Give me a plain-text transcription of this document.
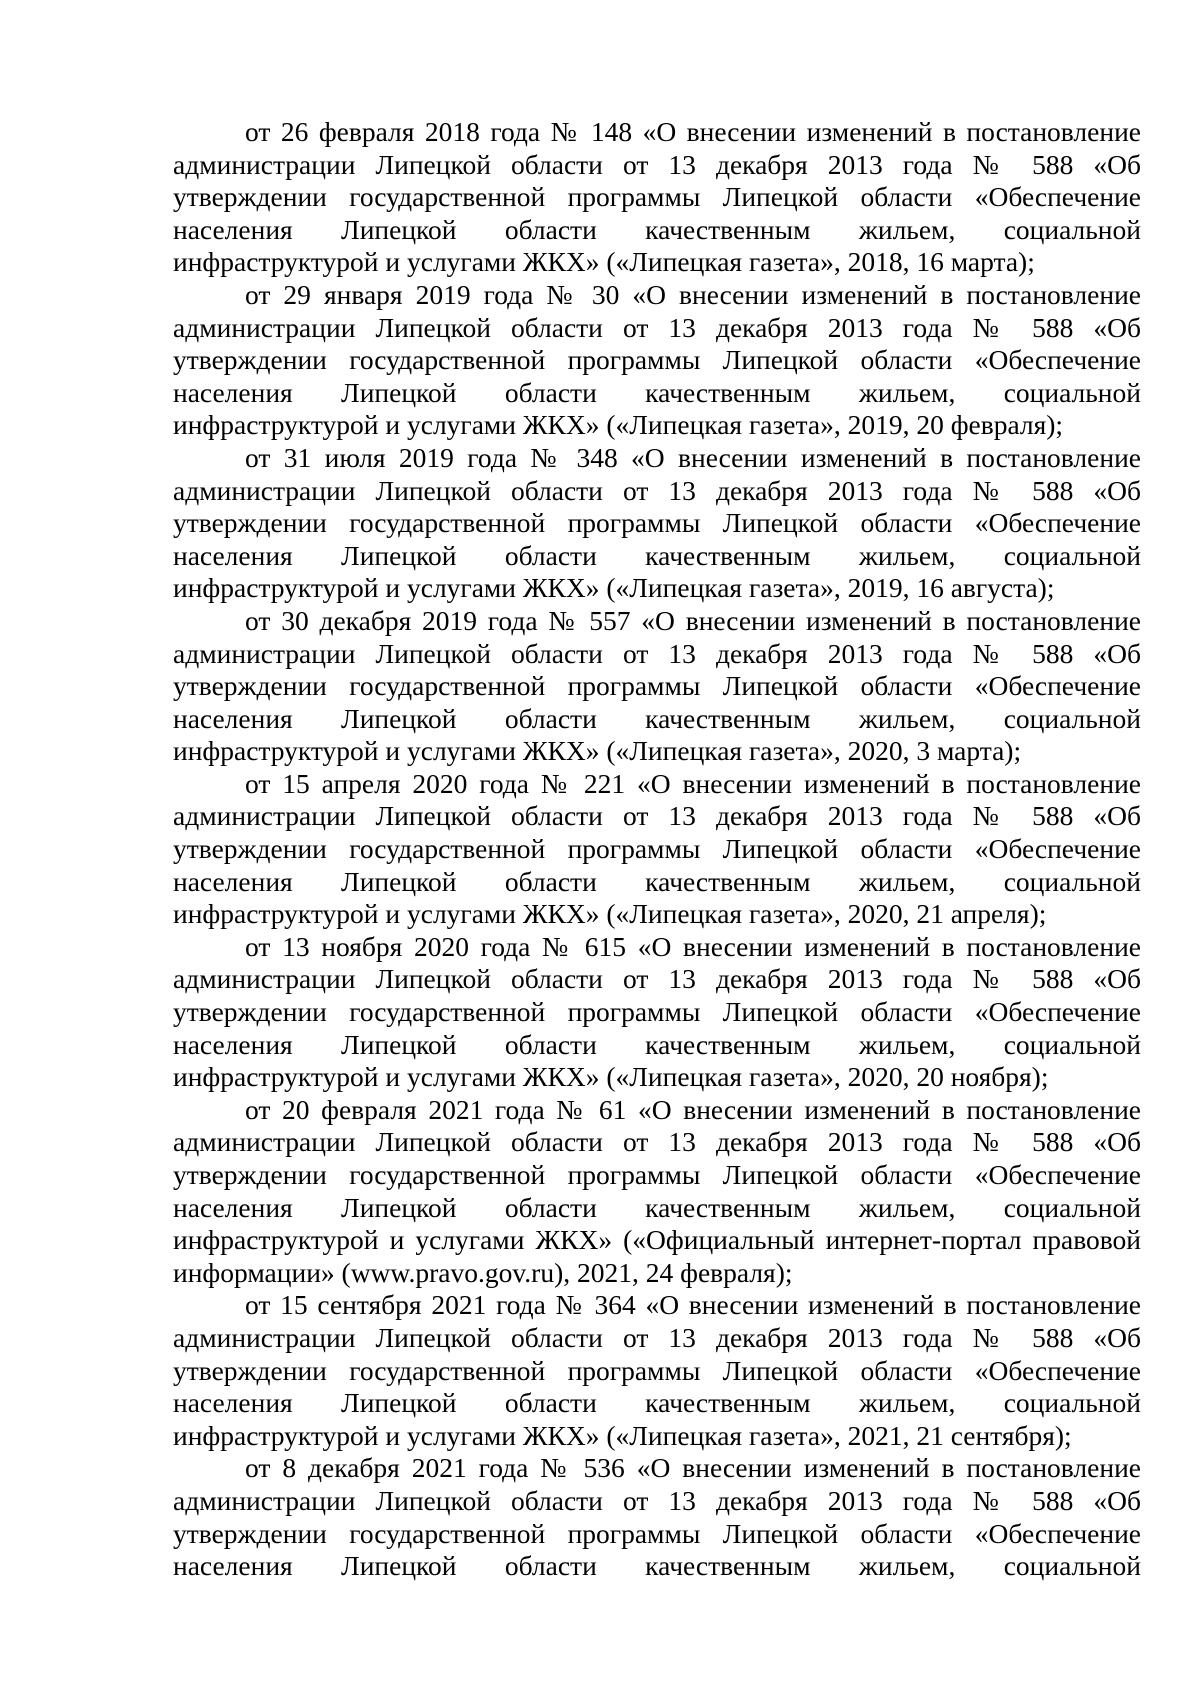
от 26 февраля 2018 года № 148 «О внесении изменений в постановление администрации Липецкой области от 13 декабря 2013 года № 588 «Об утверждении государственной программы Липецкой области «Обеспечение населения Липецкой области качественным жильем, социальной инфраструктурой и услугами ЖКХ» («Липецкая газета», 2018, 16 марта);

от 29 января 2019 года № 30 «О внесении изменений в постановление администрации Липецкой области от 13 декабря 2013 года № 588 «Об утверждении государственной программы Липецкой области «Обеспечение населения Липецкой области качественным жильем, социальной инфраструктурой и услугами ЖКХ» («Липецкая газета», 2019, 20 февраля);

от 31 июля 2019 года № 348 «О внесении изменений в постановление администрации Липецкой области от 13 декабря 2013 года № 588 «Об утверждении государственной программы Липецкой области «Обеспечение населения Липецкой области качественным жильем, социальной инфраструктурой и услугами ЖКХ» («Липецкая газета», 2019, 16 августа);

от 30 декабря 2019 года № 557 «О внесении изменений в постановление администрации Липецкой области от 13 декабря 2013 года № 588 «Об утверждении государственной программы Липецкой области «Обеспечение населения Липецкой области качественным жильем, социальной инфраструктурой и услугами ЖКХ» («Липецкая газета», 2020, 3 марта);

от 15 апреля 2020 года № 221 «О внесении изменений в постановление администрации Липецкой области от 13 декабря 2013 года № 588 «Об утверждении государственной программы Липецкой области «Обеспечение населения Липецкой области качественным жильем, социальной инфраструктурой и услугами ЖКХ» («Липецкая газета», 2020, 21 апреля);

от 13 ноября 2020 года № 615 «О внесении изменений в постановление администрации Липецкой области от 13 декабря 2013 года № 588 «Об утверждении государственной программы Липецкой области «Обеспечение населения Липецкой области качественным жильем, социальной инфраструктурой и услугами ЖКХ» («Липецкая газета», 2020, 20 ноября);

от 20 февраля 2021 года № 61 «О внесении изменений в постановление администрации Липецкой области от 13 декабря 2013 года № 588 «Об утверждении государственной программы Липецкой области «Обеспечение населения Липецкой области качественным жильем, социальной инфраструктурой и услугами ЖКХ» («Официальный интернет-портал правовой информации» (www.pravo.gov.ru), 2021, 24 февраля);

от 15 сентября 2021 года № 364 «О внесении изменений в постановление администрации Липецкой области от 13 декабря 2013 года № 588 «Об утверждении государственной программы Липецкой области «Обеспечение населения Липецкой области качественным жильем, социальной инфраструктурой и услугами ЖКХ» («Липецкая газета», 2021, 21 сентября);

от 8 декабря 2021 года № 536 «О внесении изменений в постановление администрации Липецкой области от 13 декабря 2013 года № 588 «Об утверждении государственной программы Липецкой области «Обеспечение населения Липецкой области качественным жильем, социальной
